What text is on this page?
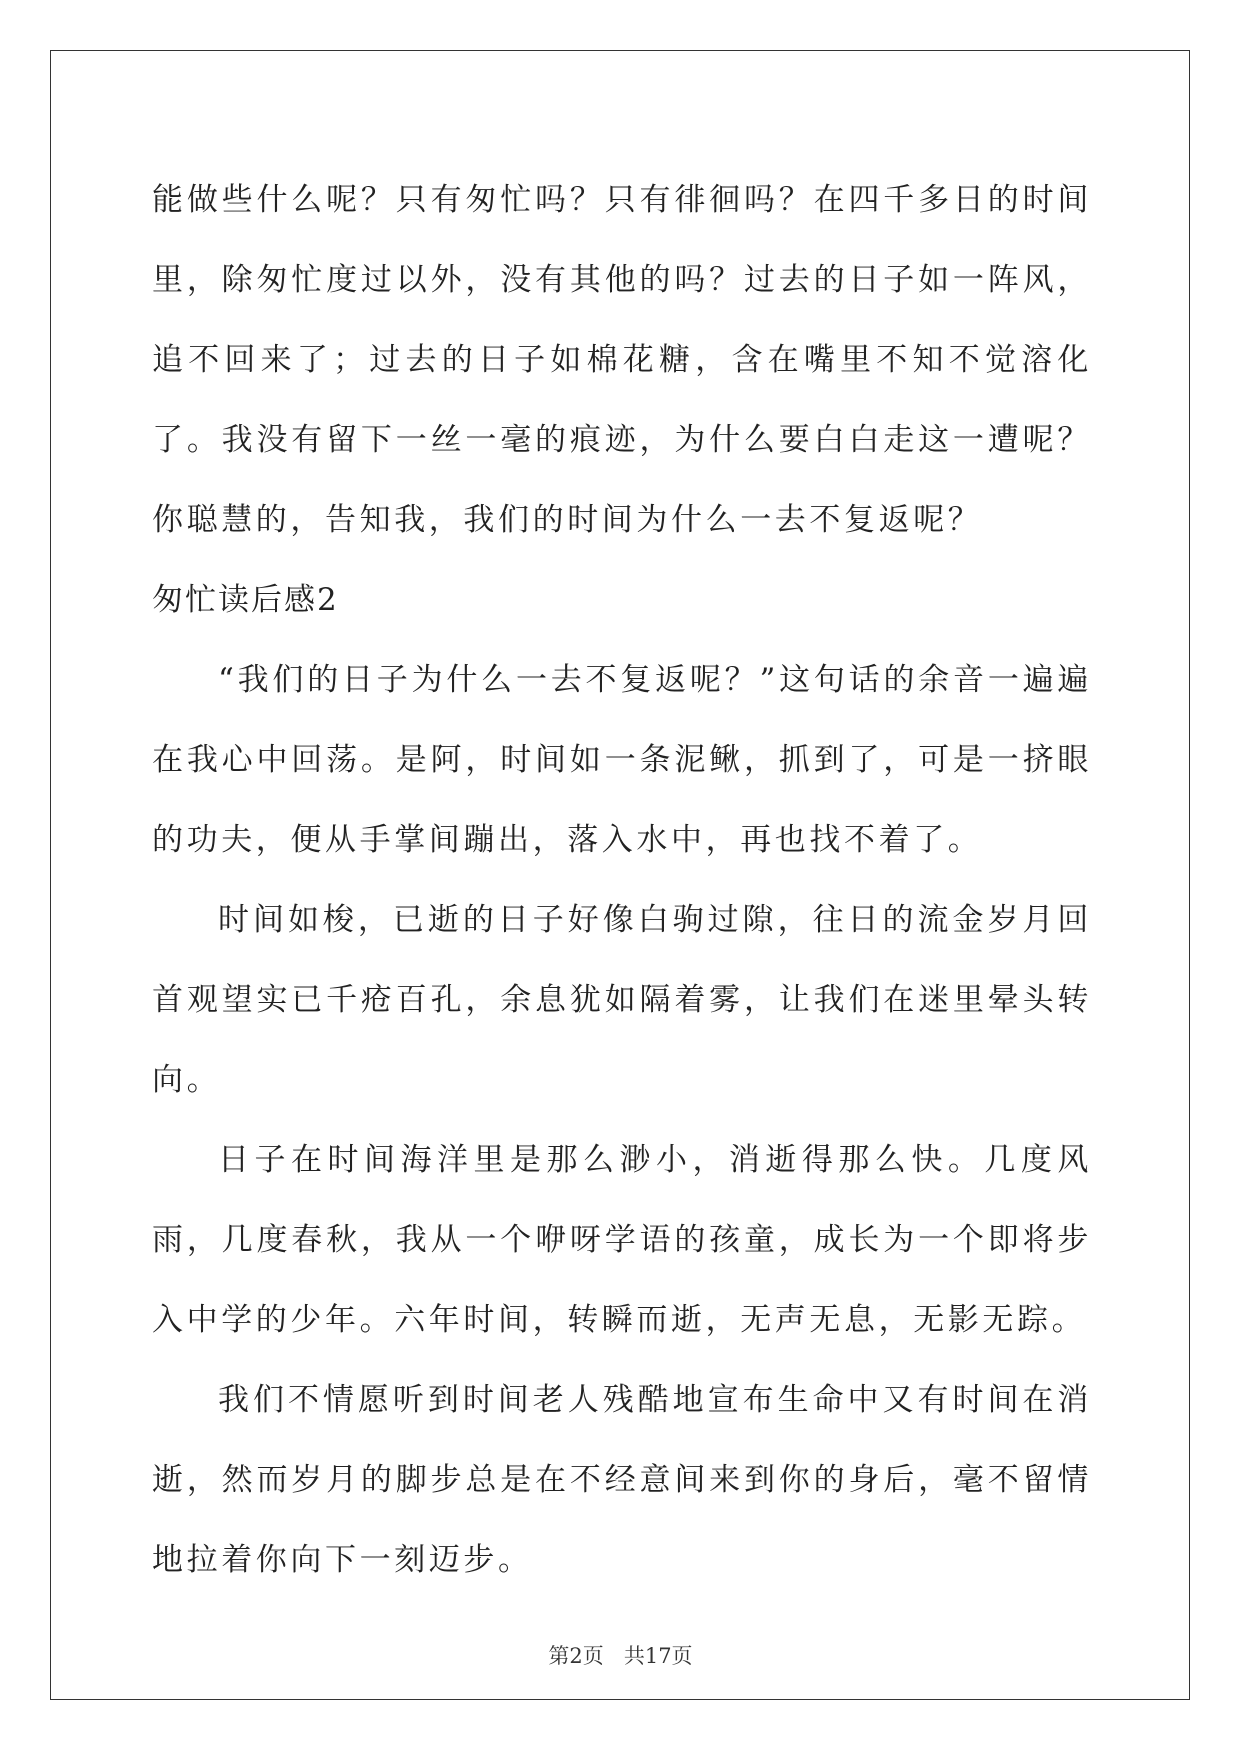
能做些什么呢？只有匆忙吗？只有徘徊吗？在四千多日的时间里，除匆忙度过以外，没有其他的吗？过去的日子如一阵风，追不回来了；过去的日子如棉花糖，含在嘴里不知不觉溶化了。我没有留下一丝一毫的痕迹，为什么要白白走这一遭呢？　你聪慧的，告知我，我们的时间为什么一去不复返呢？

匆忙读后感2

“我们的日子为什么一去不复返呢？”这句话的余音一遍遍在我心中回荡。是阿，时间如一条泥鳅，抓到了，可是一挤眼的功夫，便从手掌间蹦出，落入水中，再也找不着了。

时间如梭，已逝的日子好像白驹过隙，往日的流金岁月回首观望实已千疮百孔，余息犹如隔着雾，让我们在迷里晕头转向。

日子在时间海洋里是那么渺小，消逝得那么快。几度风雨，几度春秋，我从一个咿呀学语的孩童，成长为一个即将步入中学的少年。六年时间，转瞬而逝，无声无息，无影无踪。

我们不情愿听到时间老人残酷地宣布生命中又有时间在消逝，然而岁月的脚步总是在不经意间来到你的身后，毫不留情地拉着你向下一刻迈步。

第2页 共17页
